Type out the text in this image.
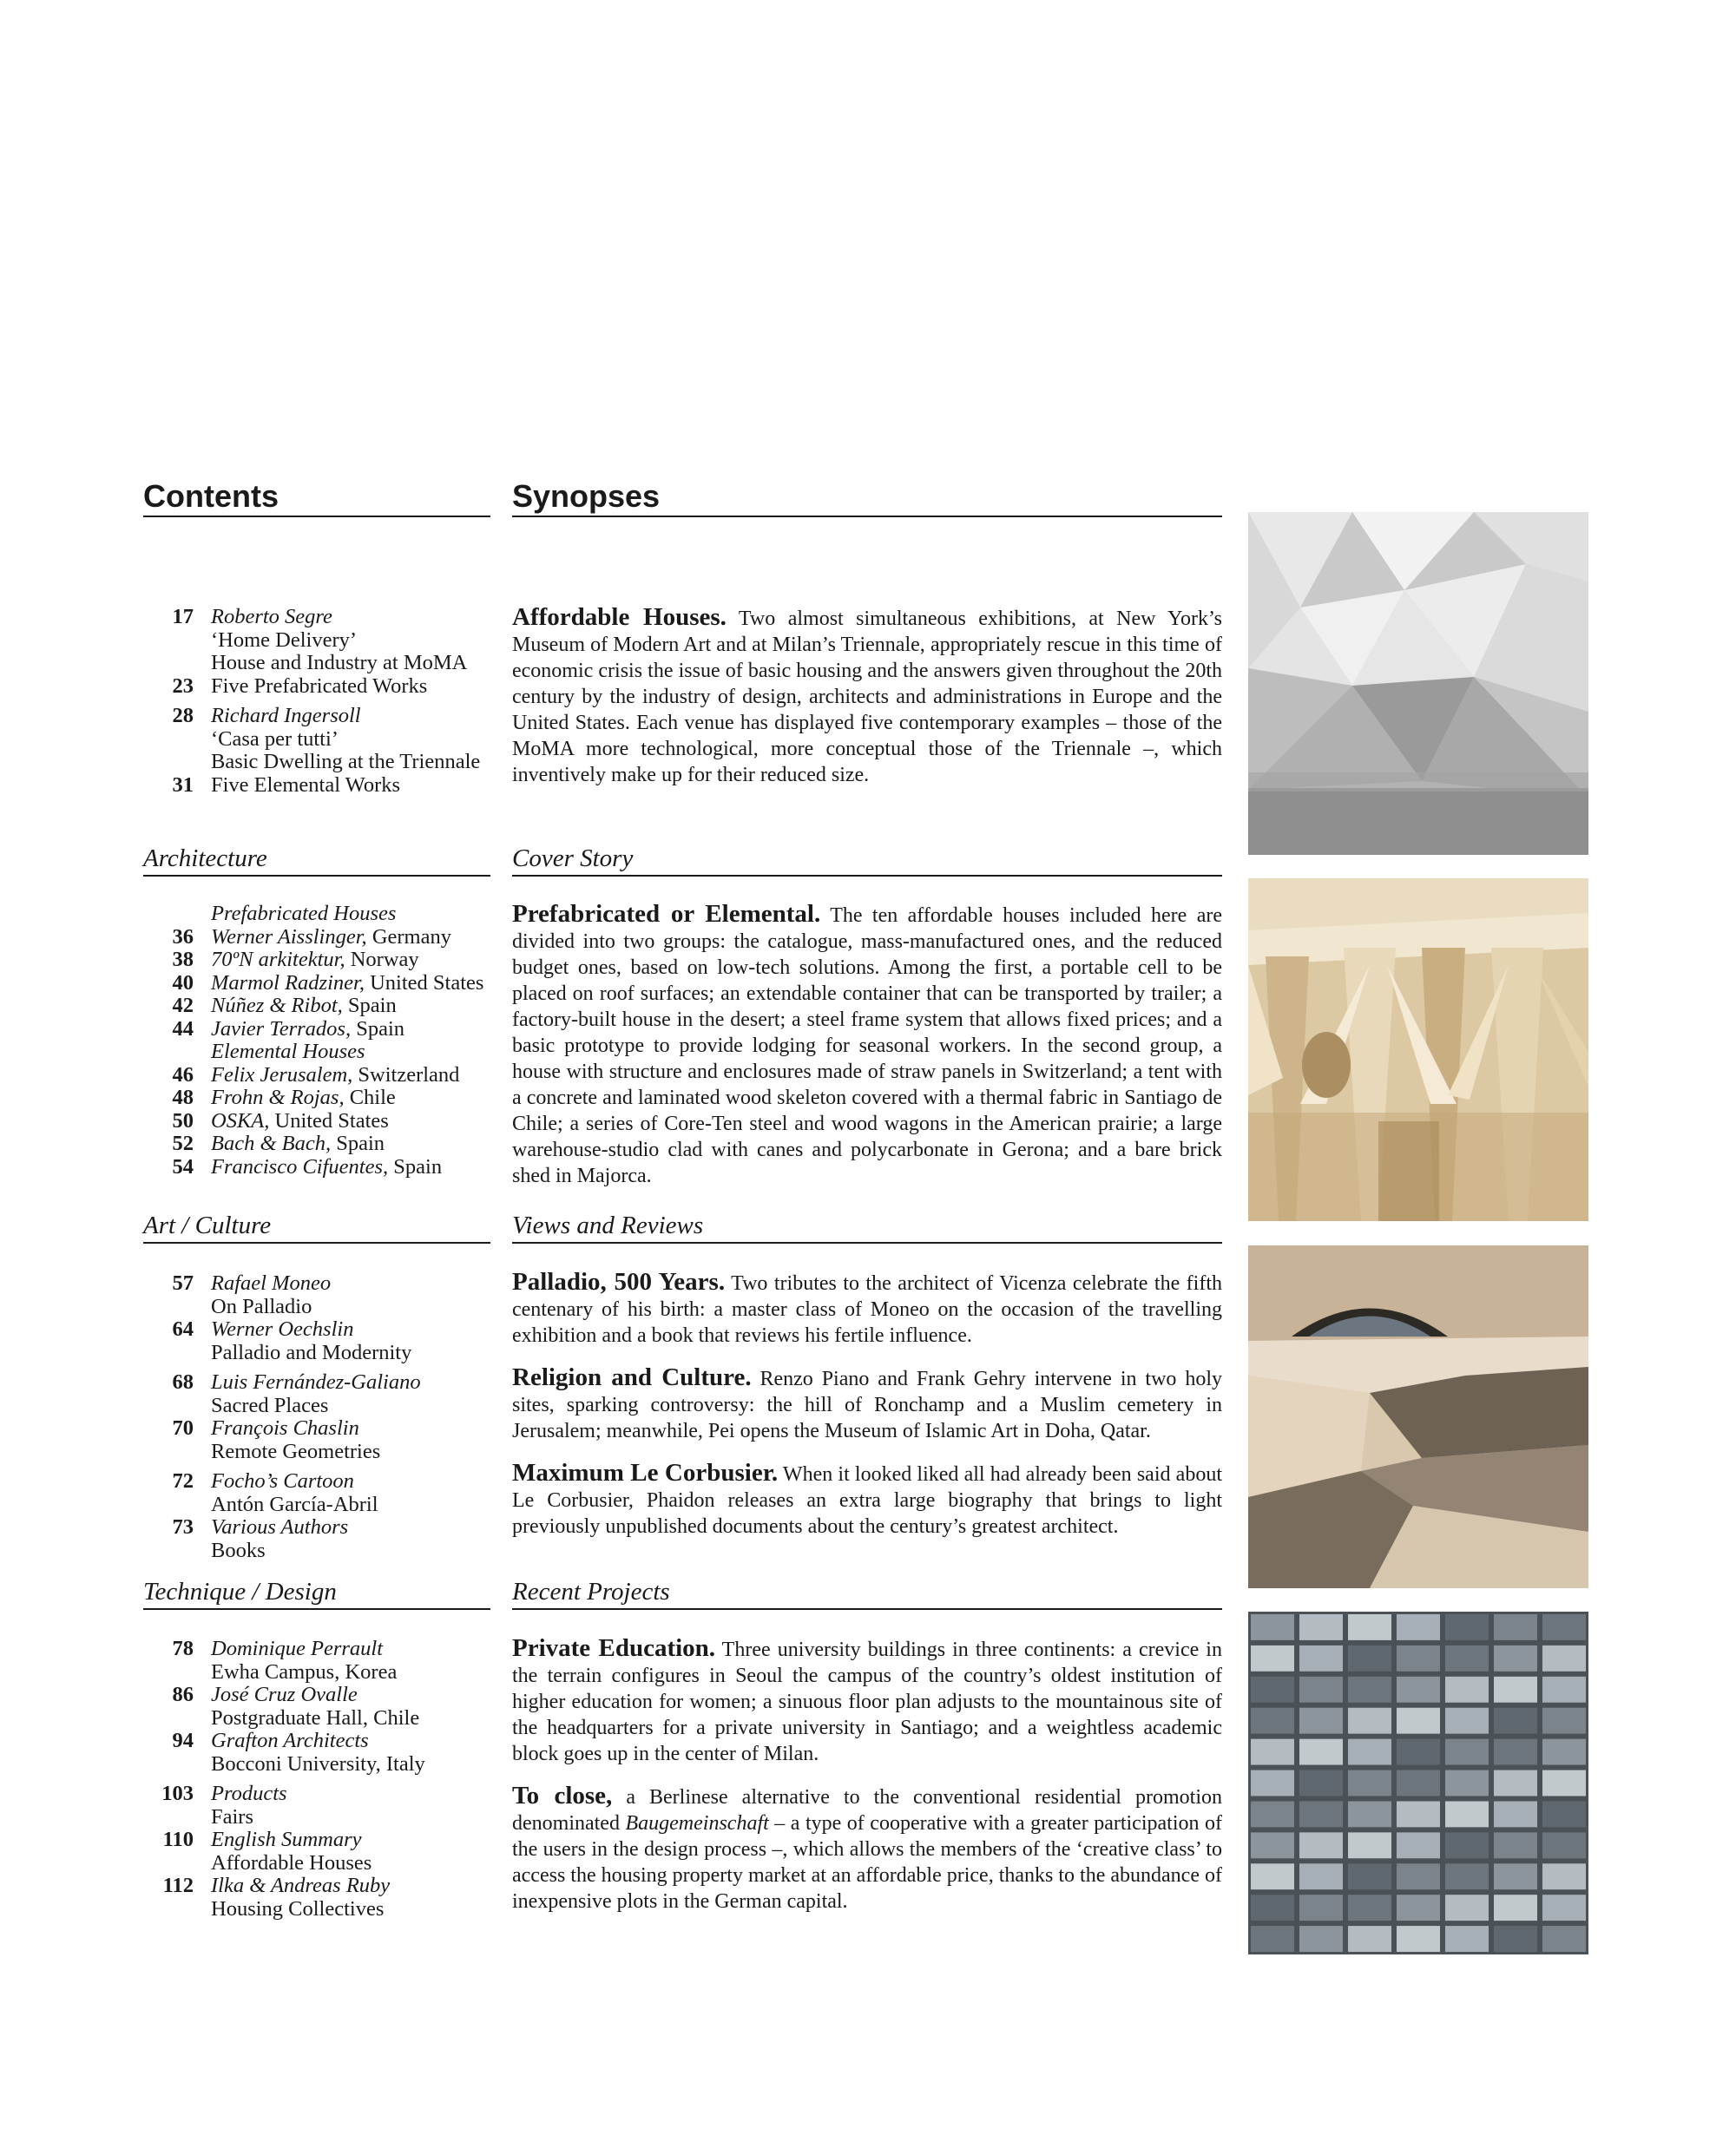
Contents	Synopses
17 Roberto Segre
‘Home Delivery’
House and Industry at MoMA
23 Five Prefabricated Works
28 Richard Ingersoll
‘Casa per tutti’
Basic Dwelling at the Triennale
31 Five Elemental Works
Architecture
Prefabricated Houses
36 Werner Aisslinger, Germany
38 70ºN arkitektur, Norway
40 Marmol Radziner, United States
42 Núñez & Ribot, Spain
44 Javier Terrados, Spain
Elemental Houses
46 Felix Jerusalem, Switzerland
48 Frohn & Rojas, Chile
50 OSKA, United States
52 Bach & Bach, Spain
54 Francisco Cifuentes, Spain
Art / Culture
57 Rafael Moneo
On Palladio
64 Werner Oechslin
Palladio and Modernity
68 Luis Fernández-Galiano
Sacred Places
70 François Chaslin
Remote Geometries
72 Focho’s Cartoon
Antón García-Abril
73 Various Authors
Books
Technique / Design
78 Dominique Perrault
Ewha Campus, Korea
86 José Cruz Ovalle
Postgraduate Hall, Chile
94 Grafton Architects
Bocconi University, Italy
103 Products
Fairs
110 English Summary
Affordable Houses
112 Ilka & Andreas Ruby
Housing Collectives

Affordable Houses. Two almost simultaneous exhibitions, at New York’s Museum of Modern Art and at Milan’s Triennale, appropriately rescue in this time of economic crisis the issue of basic housing and the answers given throughout the 20th century by the industry of design, architects and administrations in Europe and the United States. Each venue has displayed five contemporary examples – those of the MoMA more technological, more conceptual those of the Triennale –, which inventively make up for their reduced size.

Cover Story

Prefabricated or Elemental. The ten affordable houses included here are divided into two groups: the catalogue, mass-manufactured ones, and the reduced budget ones, based on low-tech solutions. Among the first, a portable cell to be placed on roof surfaces; an extendable container that can be transported by trailer; a factory-built house in the desert; a steel frame system that allows fixed prices; and a basic prototype to provide lodging for seasonal workers. In the second group, a house with structure and enclosures made of straw panels in Switzerland; a tent with a concrete and laminated wood skeleton covered with a thermal fabric in Santiago de Chile; a series of Core-Ten steel and wood wagons in the American prairie; a large warehouse-studio clad with canes and polycarbonate in Gerona; and a bare brick shed in Majorca.

Views and Reviews

Palladio, 500 Years. Two tributes to the architect of Vicenza celebrate the fifth centenary of his birth: a master class of Moneo on the occasion of the travelling exhibition and a book that reviews his fertile influence.

Religion and Culture. Renzo Piano and Frank Gehry intervene in two holy sites, sparking controversy: the hill of Ronchamp and a Muslim cemetery in Jerusalem; meanwhile, Pei opens the Museum of Islamic Art in Doha, Qatar.

Maximum Le Corbusier. When it looked liked all had already been said about Le Corbusier, Phaidon releases an extra large biography that brings to light previously unpublished documents about the century’s greatest architect.

Recent Projects

Private Education. Three university buildings in three continents: a crevice in the terrain configures in Seoul the campus of the country’s oldest institution of higher education for women; a sinuous floor plan adjusts to the mountainous site of the headquarters for a private university in Santiago; and a weightless academic block goes up in the center of Milan.

To close, a Berlinese alternative to the conventional residential promotion denominated Baugemeinschaft – a type of cooperative with a greater participation of the users in the design process –, which allows the members of the ‘creative class’ to access the housing property market at an affordable price, thanks to the abundance of inexpensive plots in the German capital.
